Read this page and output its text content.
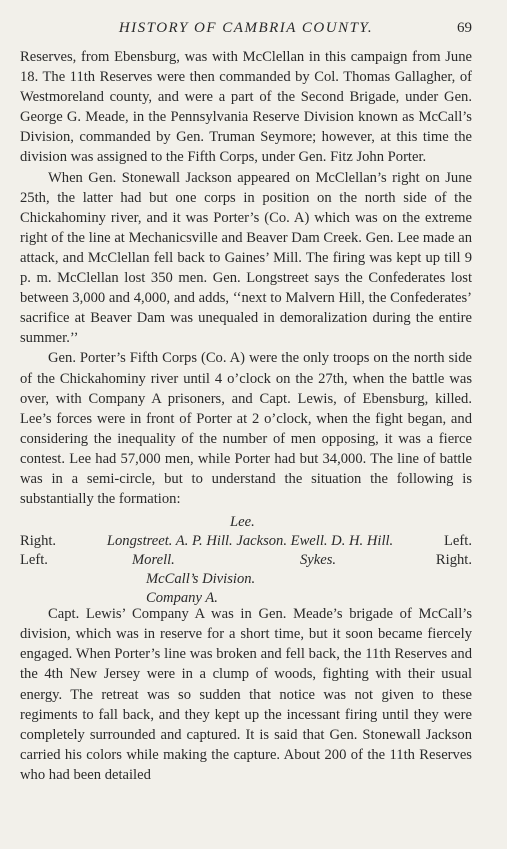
HISTORY OF CAMBRIA COUNTY.	69

Reserves, from Ebensburg, was with McClellan in this campaign from June 18. The 11th Reserves were then commanded by Col. Thomas Gallagher, of Westmoreland county, and were a part of the Second Brigade, under Gen. George G. Meade, in the Pennsylvania Reserve Division known as McCall’s Division, commanded by Gen. Truman Seymore; however, at this time the division was assigned to the Fifth Corps, under Gen. Fitz John Porter.

When Gen. Stonewall Jackson appeared on McClellan’s right on June 25th, the latter had but one corps in position on the north side of the Chickahominy river, and it was Porter’s (Co. A) which was on the extreme right of the line at Mechanicsville and Beaver Dam Creek. Gen. Lee made an attack, and McClellan fell back to Gaines’ Mill. The firing was kept up till 9 p. m. McClellan lost 350 men. Gen. Longstreet says the Confederates lost between 3,000 and 4,000, and adds, ‘‘next to Malvern Hill, the Confederates’ sacrifice at Beaver Dam was unequaled in demoralization during the entire summer.’’

Gen. Porter’s Fifth Corps (Co. A) were the only troops on the north side of the Chickahominy river until 4 o’clock on the 27th, when the battle was over, with Company A prisoners, and Capt. Lewis, of Ebensburg, killed. Lee’s forces were in front of Porter at 2 o’clock, when the fight began, and considering the inequality of the number of men opposing, it was a fierce contest. Lee had 57,000 men, while Porter had but 34,000. The line of battle was in a semi-circle, but to understand the situation the following is substantially the formation:

Lee.
Right.	Longstreet. A. P. Hill. Jackson. Ewell. D. H. Hill.	Left.
Left.	Morell.	Sykes.	Right.
McCall’s Division.
Company A.

Capt. Lewis’ Company A was in Gen. Meade’s brigade of McCall’s division, which was in reserve for a short time, but it soon became fiercely engaged. When Porter’s line was broken and fell back, the 11th Reserves and the 4th New Jersey were in a clump of woods, fighting with their usual energy. The retreat was so sudden that notice was not given to these regiments to fall back, and they kept up the incessant firing until they were completely surrounded and captured. It is said that Gen. Stonewall Jackson carried his colors while making the capture. About 200 of the 11th Reserves who had been detailed
